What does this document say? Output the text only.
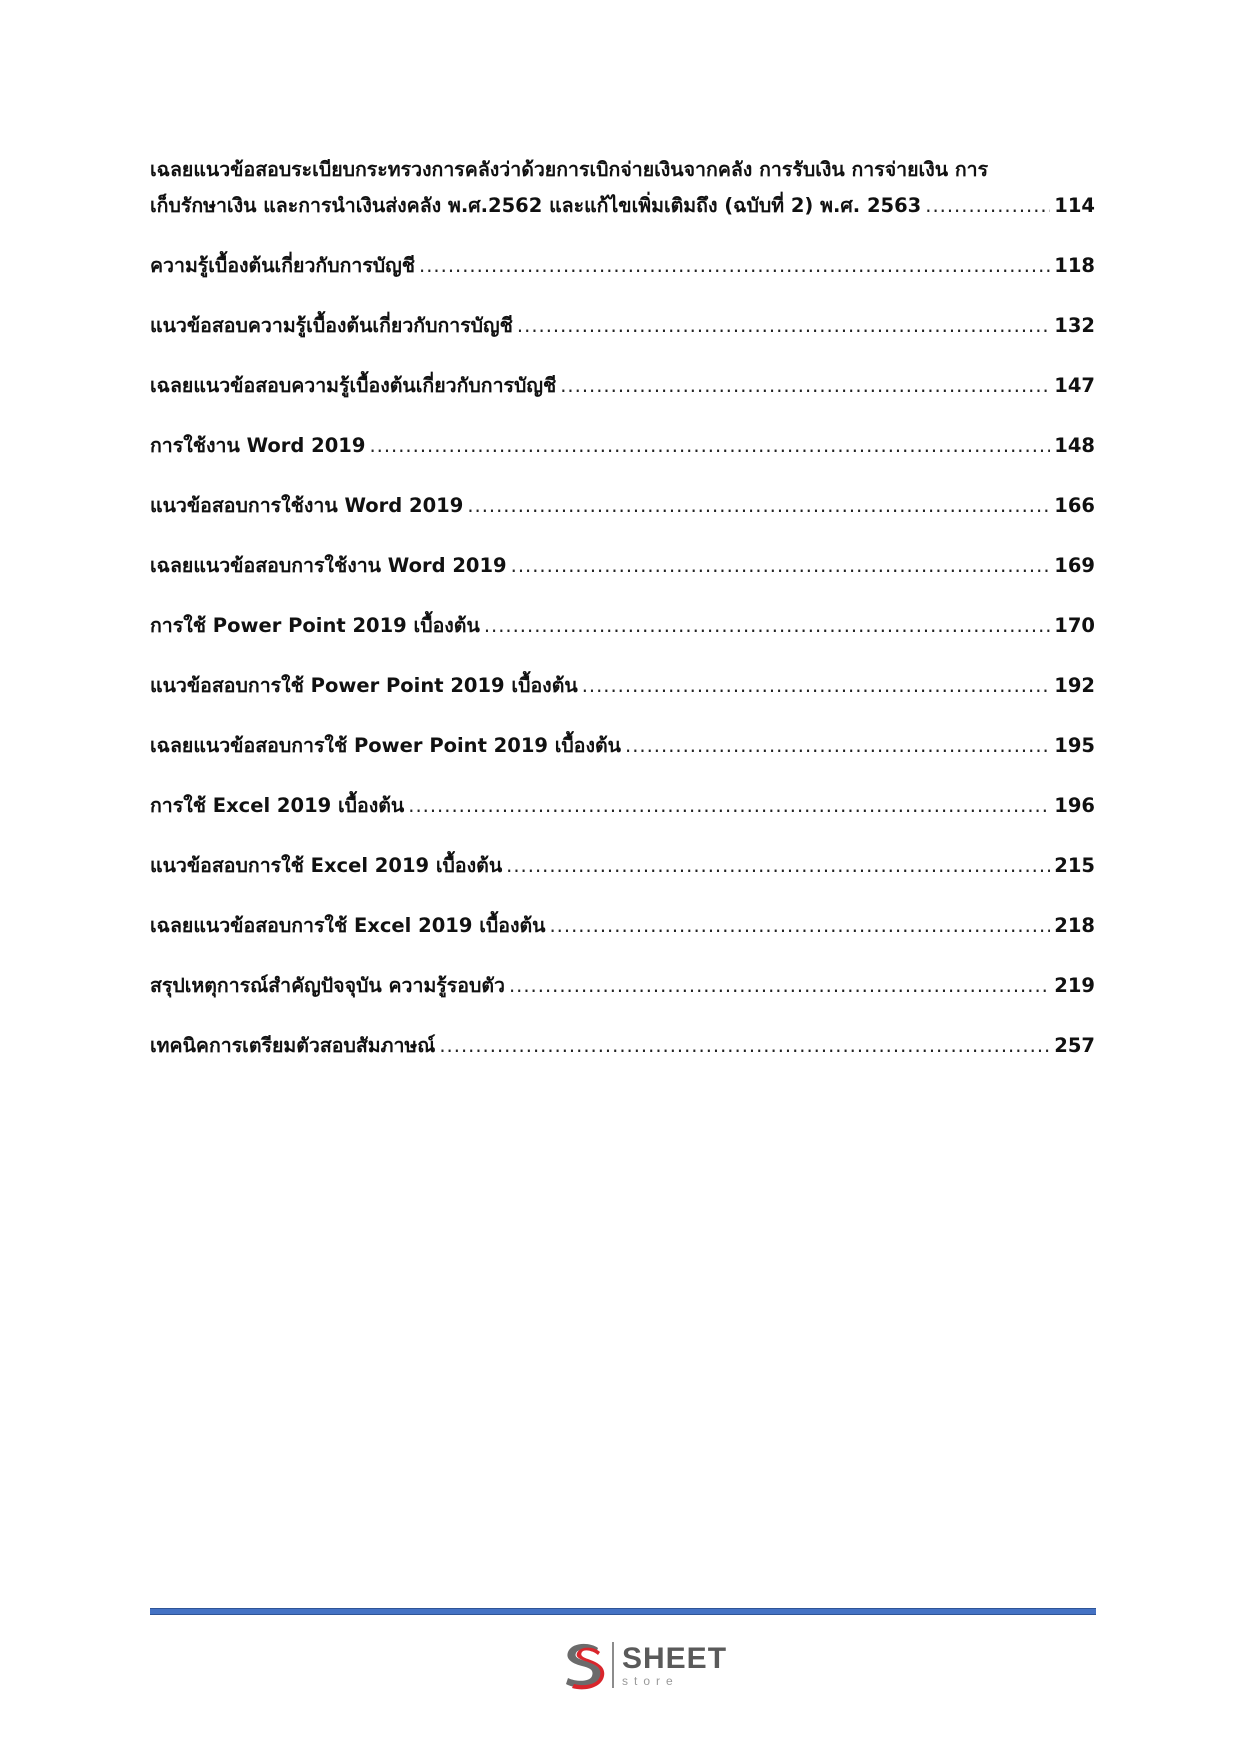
เฉลยแนวข้อสอบระเบียบกระทรวงการคลังว่าด้วยการเบิกจ่ายเงินจากคลัง การรับเงิน การจ่ายเงิน การ
เก็บรักษาเงิน และการนำเงินส่งคลัง พ.ศ.2562 และแก้ไขเพิ่มเติมถึง (ฉบับที่ 2) พ.ศ. 2563 .....	114
ความรู้เบื้องต้นเกี่ยวกับการบัญชี .....	118
แนวข้อสอบความรู้เบื้องต้นเกี่ยวกับการบัญชี .....	132
เฉลยแนวข้อสอบความรู้เบื้องต้นเกี่ยวกับการบัญชี .....	147
การใช้งาน Word 2019 .....	148
แนวข้อสอบการใช้งาน Word 2019 .....	166
เฉลยแนวข้อสอบการใช้งาน Word 2019 .....	169
การใช้ Power Point 2019 เบื้องต้น .....	170
แนวข้อสอบการใช้ Power Point 2019 เบื้องต้น .....	192
เฉลยแนวข้อสอบการใช้ Power Point 2019 เบื้องต้น .....	195
การใช้ Excel 2019 เบื้องต้น .....	196
แนวข้อสอบการใช้ Excel 2019 เบื้องต้น .....	215
เฉลยแนวข้อสอบการใช้ Excel 2019 เบื้องต้น .....	218
สรุปเหตุการณ์สำคัญปัจจุบัน ความรู้รอบตัว .....	219
เทคนิคการเตรียมตัวสอบสัมภาษณ์ .....	257
SHEET
store
